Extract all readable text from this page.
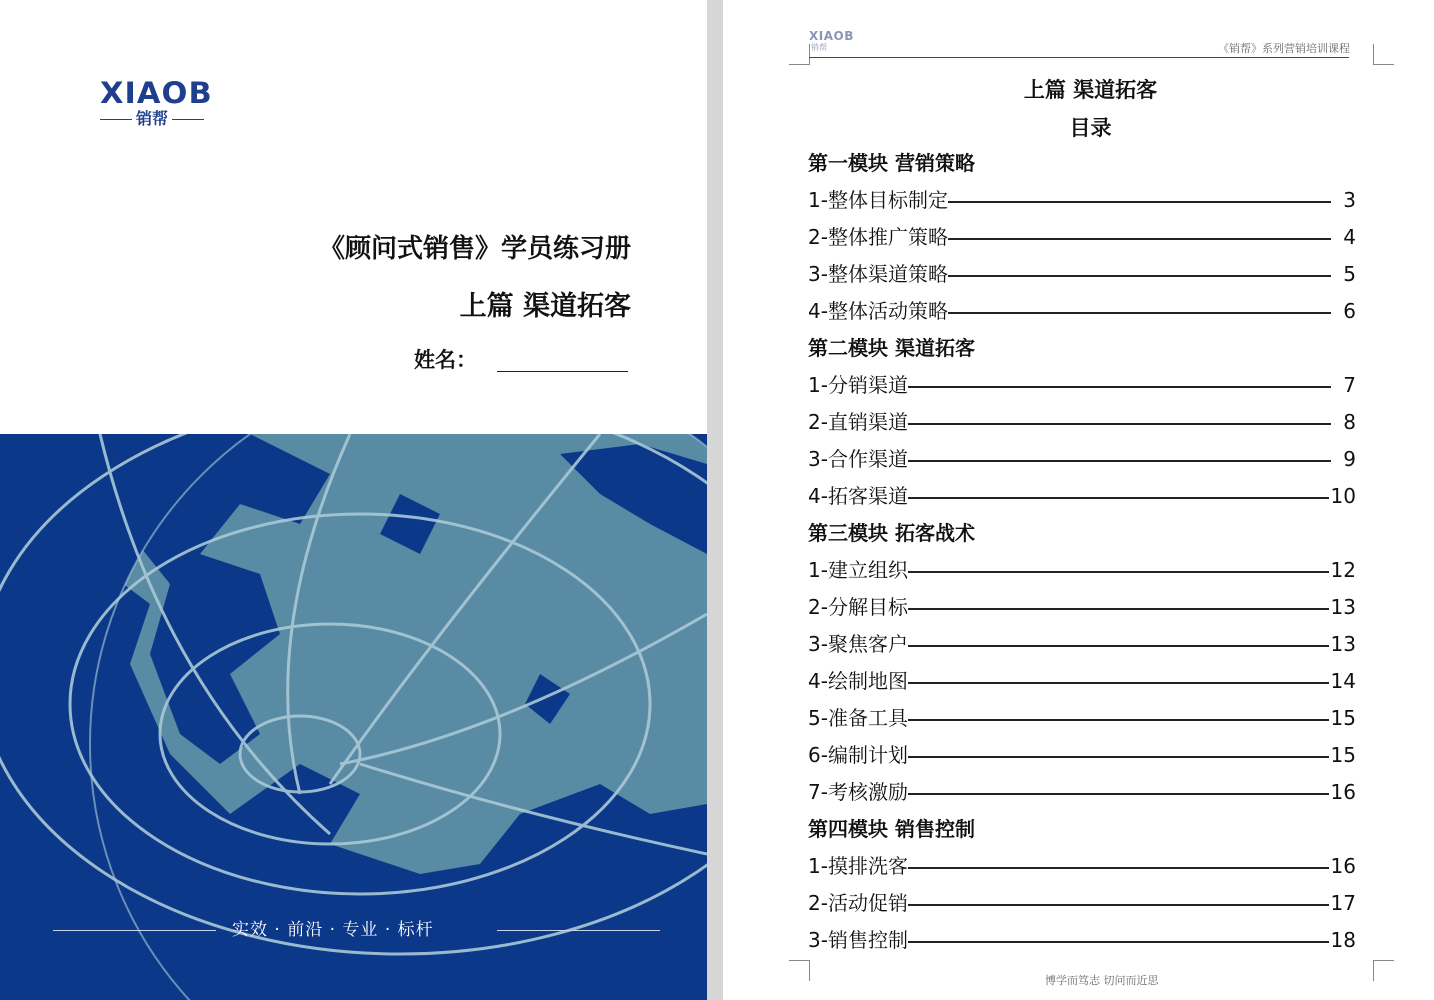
XIAOB
销帮
《顾问式销售》学员练习册
上篇 渠道拓客
姓名：
实效 · 前沿 · 专业 · 标杆
XIAOB
销帮	《销帮》系列营销培训课程
上篇 渠道拓客
目录
第一模块 营销策略
1-整体目标制定	3
2-整体推广策略	4
3-整体渠道策略	5
4-整体活动策略	6
第二模块 渠道拓客
1-分销渠道	7
2-直销渠道	8
3-合作渠道	9
4-拓客渠道	10
第三模块 拓客战术
1-建立组织	12
2-分解目标	13
3-聚焦客户	13
4-绘制地图	14
5-准备工具	15
6-编制计划	15
7-考核激励	16
第四模块 销售控制
1-摸排洗客	16
2-活动促销	17
3-销售控制	18
博学而笃志 切问而近思
